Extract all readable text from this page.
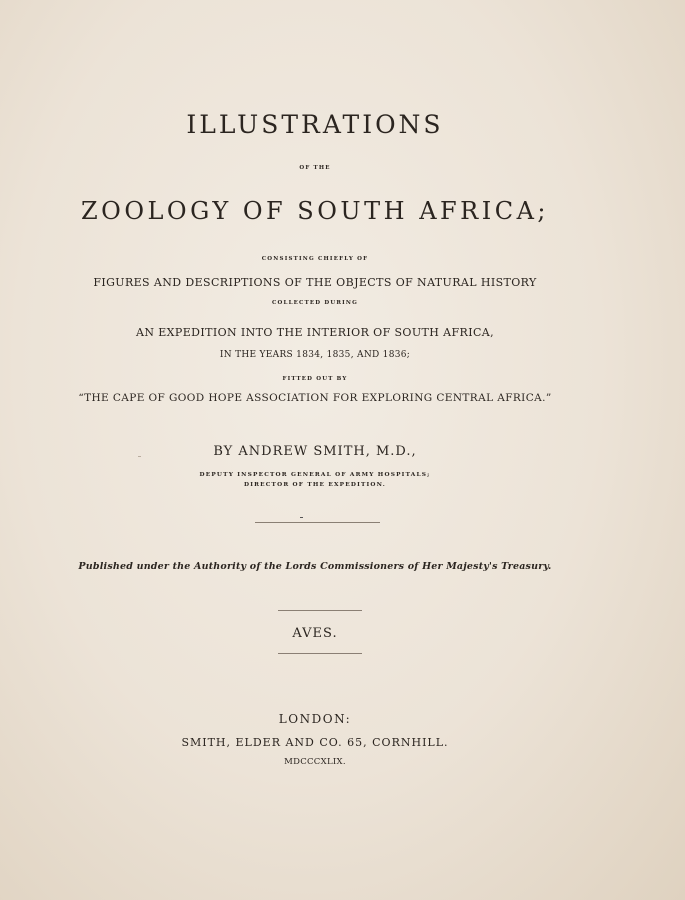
ILLUSTRATIONS
OF THE
ZOOLOGY OF SOUTH AFRICA;
CONSISTING CHIEFLY OF
FIGURES AND DESCRIPTIONS OF THE OBJECTS OF NATURAL HISTORY
COLLECTED DURING
AN EXPEDITION INTO THE INTERIOR OF SOUTH AFRICA,
IN THE YEARS 1834, 1835, AND 1836;
FITTED OUT BY
“THE CAPE OF GOOD HOPE ASSOCIATION FOR EXPLORING CENTRAL AFRICA.”
BY ANDREW SMITH, M.D.,
DEPUTY INSPECTOR GENERAL OF ARMY HOSPITALS;
DIRECTOR OF THE EXPEDITION.
Published under the Authority of the Lords Commissioners of Her Majesty's Treasury.
AVES.
LONDON:
SMITH, ELDER AND CO. 65, CORNHILL.
MDCCCXLIX.
